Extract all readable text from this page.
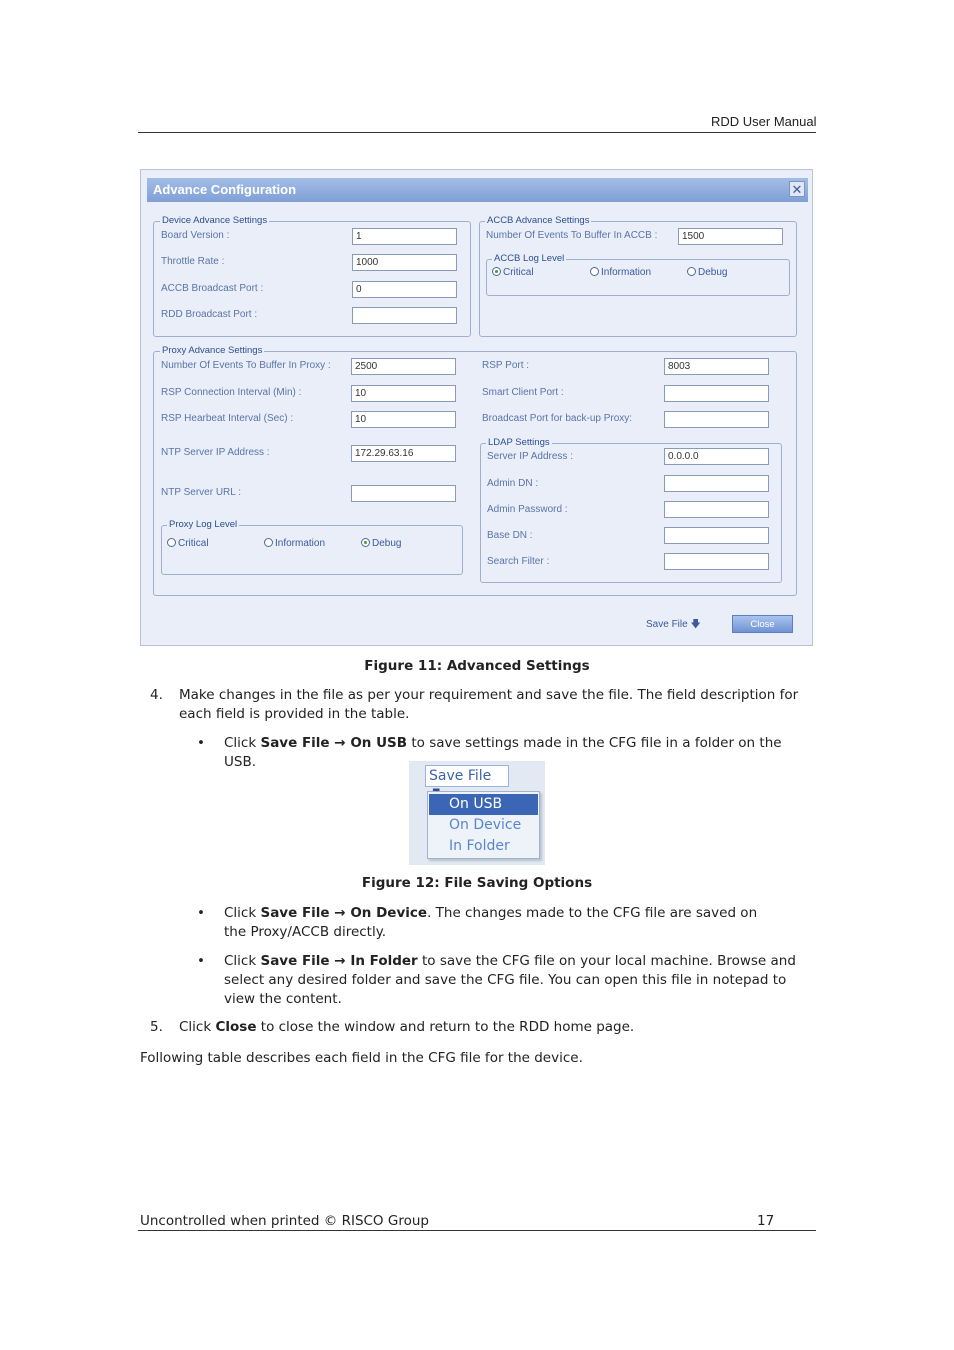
RDD User Manual
Advance Configuration	✕
Device Advance Settings
Board Version :	1
Throttle Rate :	1000
ACCB Broadcast Port :	0
RDD Broadcast Port :
ACCB Advance Settings
Number Of Events To Buffer In ACCB :	1500
ACCB Log Level
Critical	Information	Debug
Proxy Advance Settings
Number Of Events To Buffer In Proxy :	2500
RSP Connection Interval (Min) :	10
RSP Hearbeat Interval (Sec) :	10
NTP Server IP Address :	172.29.63.16
NTP Server URL :
Proxy Log Level
Critical	Information	Debug
RSP Port :	8003
Smart Client Port :
Broadcast Port for back-up Proxy:
LDAP Settings
Server IP Address :	0.0.0.0
Admin DN :
Admin Password :
Base DN :
Search Filter :
Save File 🡇	Close
Figure 11: Advanced Settings
4. Make changes in the file as per your requirement and save the file. The field description for each field is provided in the table.
• Click Save File → On USB to save settings made in the CFG file in a folder on the USB.
Save File
On USB
On Device
In Folder
Figure 12: File Saving Options
• Click Save File → On Device. The changes made to the CFG file are saved on the Proxy/ACCB directly.
• Click Save File → In Folder to save the CFG file on your local machine. Browse and select any desired folder and save the CFG file. You can open this file in notepad to view the content.
5. Click Close to close the window and return to the RDD home page.
Following table describes each field in the CFG file for the device.
Uncontrolled when printed © RISCO Group	17
